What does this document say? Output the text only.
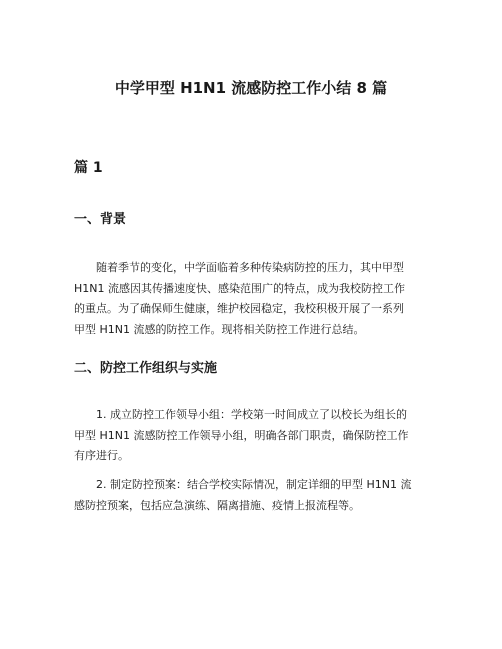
中学甲型 H1N1 流感防控工作小结 8 篇
篇 1
一、背景

随着季节的变化，中学面临着多种传染病防控的压力，其中甲型
H1N1 流感因其传播速度快、感染范围广的特点，成为我校防控工作
的重点。为了确保师生健康，维护校园稳定，我校积极开展了一系列
甲型 H1N1 流感的防控工作。现将相关防控工作进行总结。

二、防控工作组织与实施

1. 成立防控工作领导小组：学校第一时间成立了以校长为组长的
甲型 H1N1 流感防控工作领导小组，明确各部门职责，确保防控工作
有序进行。

2. 制定防控预案：结合学校实际情况，制定详细的甲型 H1N1 流
感防控预案，包括应急演练、隔离措施、疫情上报流程等。
